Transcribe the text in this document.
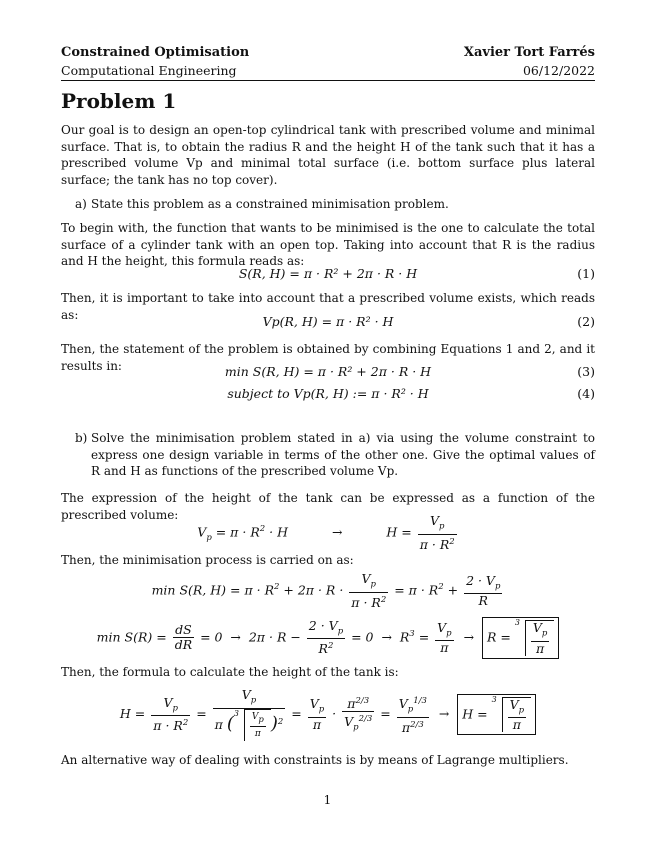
Constrained Optimisation
Computational Engineering
Xavier Tort Farrés
06/12/2022
Problem 1
Our goal is to design an open-top cylindrical tank with prescribed volume and minimal surface. That is, to obtain the radius R and the height H of the tank such that it has a prescribed volume Vp and minimal total surface (i.e. bottom surface plus lateral surface; the tank has no top cover).
a) State this problem as a constrained minimisation problem.
To begin with, the function that wants to be minimised is the one to calculate the total surface of a cylinder tank with an open top. Taking into account that R is the radius and H the height, this formula reads as:
S(R, H) = π · R² + 2π · R · H	(1)
Then, it is important to take into account that a prescribed volume exists, which reads as:	Vp(R, H) = π · R² · H	(2)
Then, the statement of the problem is obtained by combining Equations 1 and 2, and it results in:	min S(R, H) = π · R² + 2π · R · H	(3)
subject to Vp(R, H) := π · R² · H	(4)
b) Solve the minimisation problem stated in a) via using the volume constraint to express one design variable in terms of the other one. Give the optimal values of R and H as functions of the prescribed volume Vp.
The expression of the height of the tank can be expressed as a function of the prescribed volume:
$V_p = \pi \cdot R^2 \cdot H$	→	$H = \frac{V_p}{\pi \cdot R^2}$
Then, the minimisation process is carried on as:
min S(R, $H) = \pi \cdot R^2 + 2\pi \cdot R \cdot \frac{V_p}{\pi \cdot R^2} = \pi \cdot R^2 + \frac{2 \cdot V_p}{R}$
$\min S(R) = \frac{dS}{dR} = 0 \to 2\pi \cdot R - \frac{2 \cdot V_p}{R^2} = 0 \to R^3 = \frac{V_p}{\pi} \to R$ =
$3 \frac{V_p}{\pi}$
Then, the formula to calculate the height of the tank is:
$H = \frac{V_p}{\pi \cdot R^2} = \frac{V_p}{\pi ( 3 \frac{V_p}{\pi} )^2} = \frac{V_p}{\pi} \cdot \frac{\pi^{2/3}}{V_p^{2/3}} = \frac{V_p^{1/3}}{\pi^{2/3}} \to H$ =
$3 \frac{V_p}{\pi}$
An alternative way of dealing with constraints is by means of Lagrange multipliers.
1
